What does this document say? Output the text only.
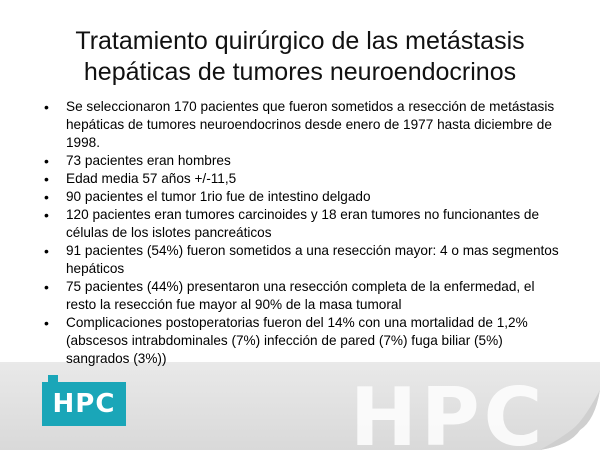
Tratamiento quirúrgico de las metástasis
hepáticas de tumores neuroendocrinos
• Se seleccionaron 170 pacientes que fueron sometidos a resección de metástasis hepáticas de tumores neuroendocrinos desde enero de 1977 hasta diciembre de 1998.
• 73 pacientes eran hombres
• Edad media 57 años +/-11,5
• 90 pacientes el tumor 1rio fue de intestino delgado
• 120 pacientes eran tumores carcinoides y 18 eran tumores no funcionantes de células de los islotes pancreáticos
• 91 pacientes (54%) fueron sometidos a una resección mayor: 4 o mas segmentos hepáticos
• 75 pacientes (44%) presentaron una resección completa de la enfermedad, el resto la resección fue mayor al 90% de la masa tumoral
• Complicaciones postoperatorias fueron del 14% con una mortalidad de 1,2% (abscesos intrabdominales (7%) infección de pared (7%) fuga biliar (5%) sangrados (3%))
HPC	HPC
